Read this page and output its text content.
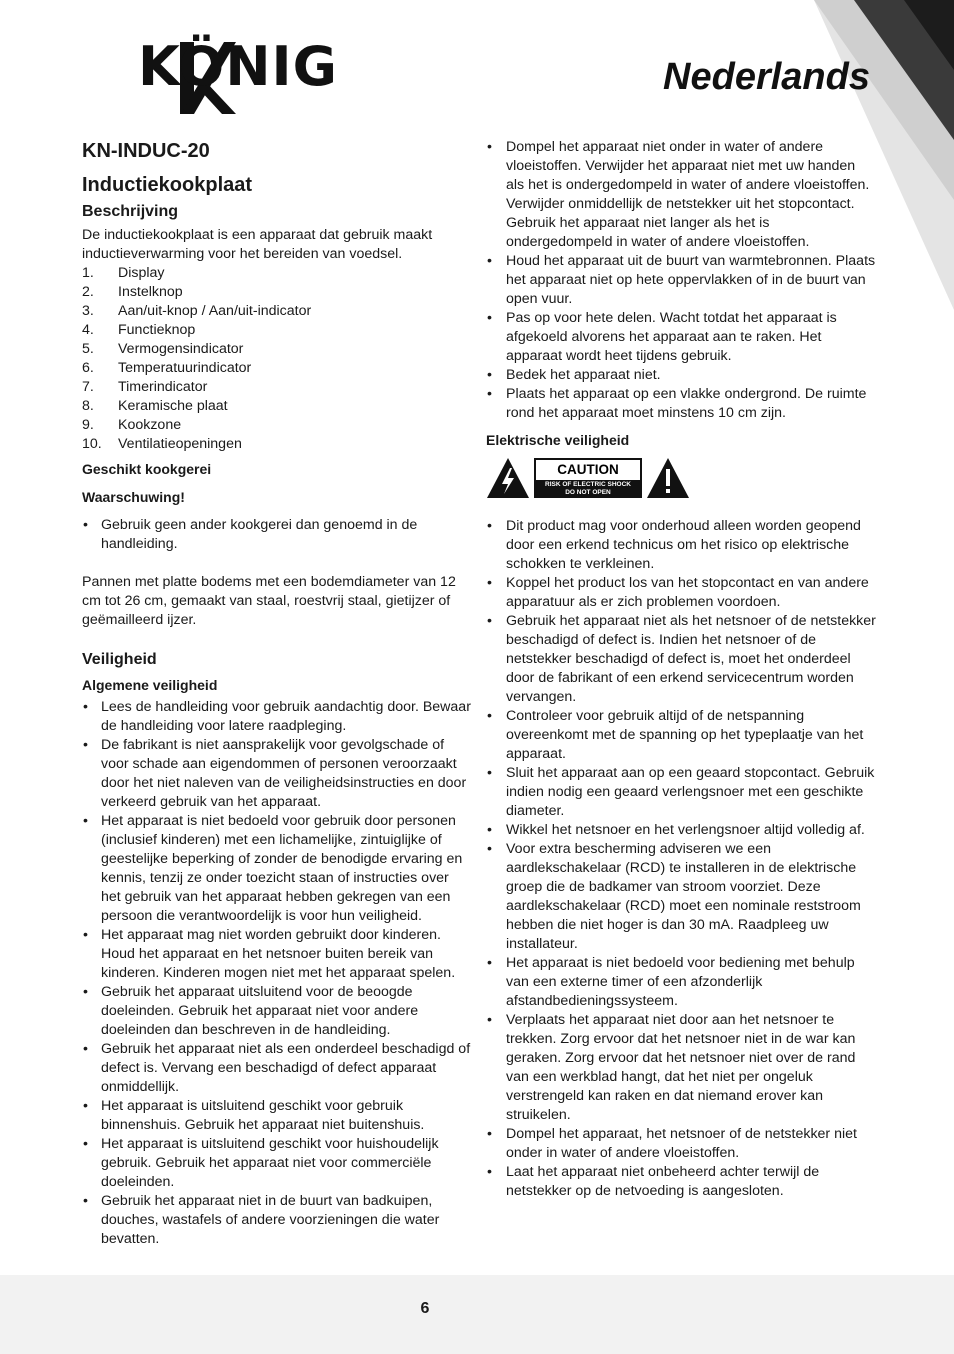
KÖNIG	Nederlands
KN-INDUC-20
Inductiekookplaat
Beschrijving

De inductiekookplaat is een apparaat dat gebruik maakt inductieverwarming voor het bereiden van voedsel.

1.	Display
2.	Instelknop
3.	Aan/uit-knop / Aan/uit-indicator
4.	Functieknop
5.	Vermogensindicator
6.	Temperatuurindicator
7.	Timerindicator
8.	Keramische plaat
9.	Kookzone
10.	Ventilatieopeningen
Geschikt kookgerei
Waarschuwing!
• Gebruik geen ander kookgerei dan genoemd in de handleiding.

Pannen met platte bodems met een bodemdiameter van 12 cm tot 26 cm, gemaakt van staal, roestvrij staal, gietijzer of geëmailleerd ijzer.

Veiligheid
Algemene veiligheid
• Lees de handleiding voor gebruik aandachtig door. Bewaar de handleiding voor latere raadpleging.
• De fabrikant is niet aansprakelijk voor gevolgschade of voor schade aan eigendommen of personen veroorzaakt door het niet naleven van de veiligheidsinstructies en door verkeerd gebruik van het apparaat.
• Het apparaat is niet bedoeld voor gebruik door personen (inclusief kinderen) met een lichamelijke, zintuiglijke of geestelijke beperking of zonder de benodigde ervaring en kennis, tenzij ze onder toezicht staan of instructies over het gebruik van het apparaat hebben gekregen van een persoon die verantwoordelijk is voor hun veiligheid.
• Het apparaat mag niet worden gebruikt door kinderen. Houd het apparaat en het netsnoer buiten bereik van kinderen. Kinderen mogen niet met het apparaat spelen.
• Gebruik het apparaat uitsluitend voor de beoogde doeleinden. Gebruik het apparaat niet voor andere doeleinden dan beschreven in de handleiding.
• Gebruik het apparaat niet als een onderdeel beschadigd of defect is. Vervang een beschadigd of defect apparaat onmiddellijk.
• Het apparaat is uitsluitend geschikt voor gebruik binnenshuis. Gebruik het apparaat niet buitenshuis.
• Het apparaat is uitsluitend geschikt voor huishoudelijk gebruik. Gebruik het apparaat niet voor commerciële doeleinden.
• Gebruik het apparaat niet in de buurt van badkuipen, douches, wastafels of andere voorzieningen die water bevatten.
• Dompel het apparaat niet onder in water of andere vloeistoffen. Verwijder het apparaat niet met uw handen als het is ondergedompeld in water of andere vloeistoffen. Verwijder onmiddellijk de netstekker uit het stopcontact. Gebruik het apparaat niet langer als het is ondergedompeld in water of andere vloeistoffen.
• Houd het apparaat uit de buurt van warmtebronnen. Plaats het apparaat niet op hete oppervlakken of in de buurt van open vuur.
• Pas op voor hete delen. Wacht totdat het apparaat is afgekoeld alvorens het apparaat aan te raken. Het apparaat wordt heet tijdens gebruik.
• Bedek het apparaat niet.
• Plaats het apparaat op een vlakke ondergrond. De ruimte rond het apparaat moet minstens 10 cm zijn.
Elektrische veiligheid
CAUTION
RISK OF ELECTRIC SHOCK
DO NOT OPEN
• Dit product mag voor onderhoud alleen worden geopend door een erkend technicus om het risico op elektrische schokken te verkleinen.
• Koppel het product los van het stopcontact en van andere apparatuur als er zich problemen voordoen.
• Gebruik het apparaat niet als het netsnoer of de netstekker beschadigd of defect is. Indien het netsnoer of de netstekker beschadigd of defect is, moet het onderdeel door de fabrikant of een erkend servicecentrum worden vervangen.
• Controleer voor gebruik altijd of de netspanning overeenkomt met de spanning op het typeplaatje van het apparaat.
• Sluit het apparaat aan op een geaard stopcontact. Gebruik indien nodig een geaard verlengsnoer met een geschikte diameter.
• Wikkel het netsnoer en het verlengsnoer altijd volledig af.
• Voor extra bescherming adviseren we een aardlekschakelaar (RCD) te installeren in de elektrische groep die de badkamer van stroom voorziet. Deze aardlekschakelaar (RCD) moet een nominale reststroom hebben die niet hoger is dan 30 mA. Raadpleeg uw installateur.
• Het apparaat is niet bedoeld voor bediening met behulp van een externe timer of een afzonderlijk afstandbedieningssysteem.
• Verplaats het apparaat niet door aan het netsnoer te trekken. Zorg ervoor dat het netsnoer niet in de war kan geraken. Zorg ervoor dat het netsnoer niet over de rand van een werkblad hangt, dat het niet per ongeluk verstrengeld kan raken en dat niemand erover kan struikelen.
• Dompel het apparaat, het netsnoer of de netstekker niet onder in water of andere vloeistoffen.
• Laat het apparaat niet onbeheerd achter terwijl de netstekker op de netvoeding is aangesloten.
6
